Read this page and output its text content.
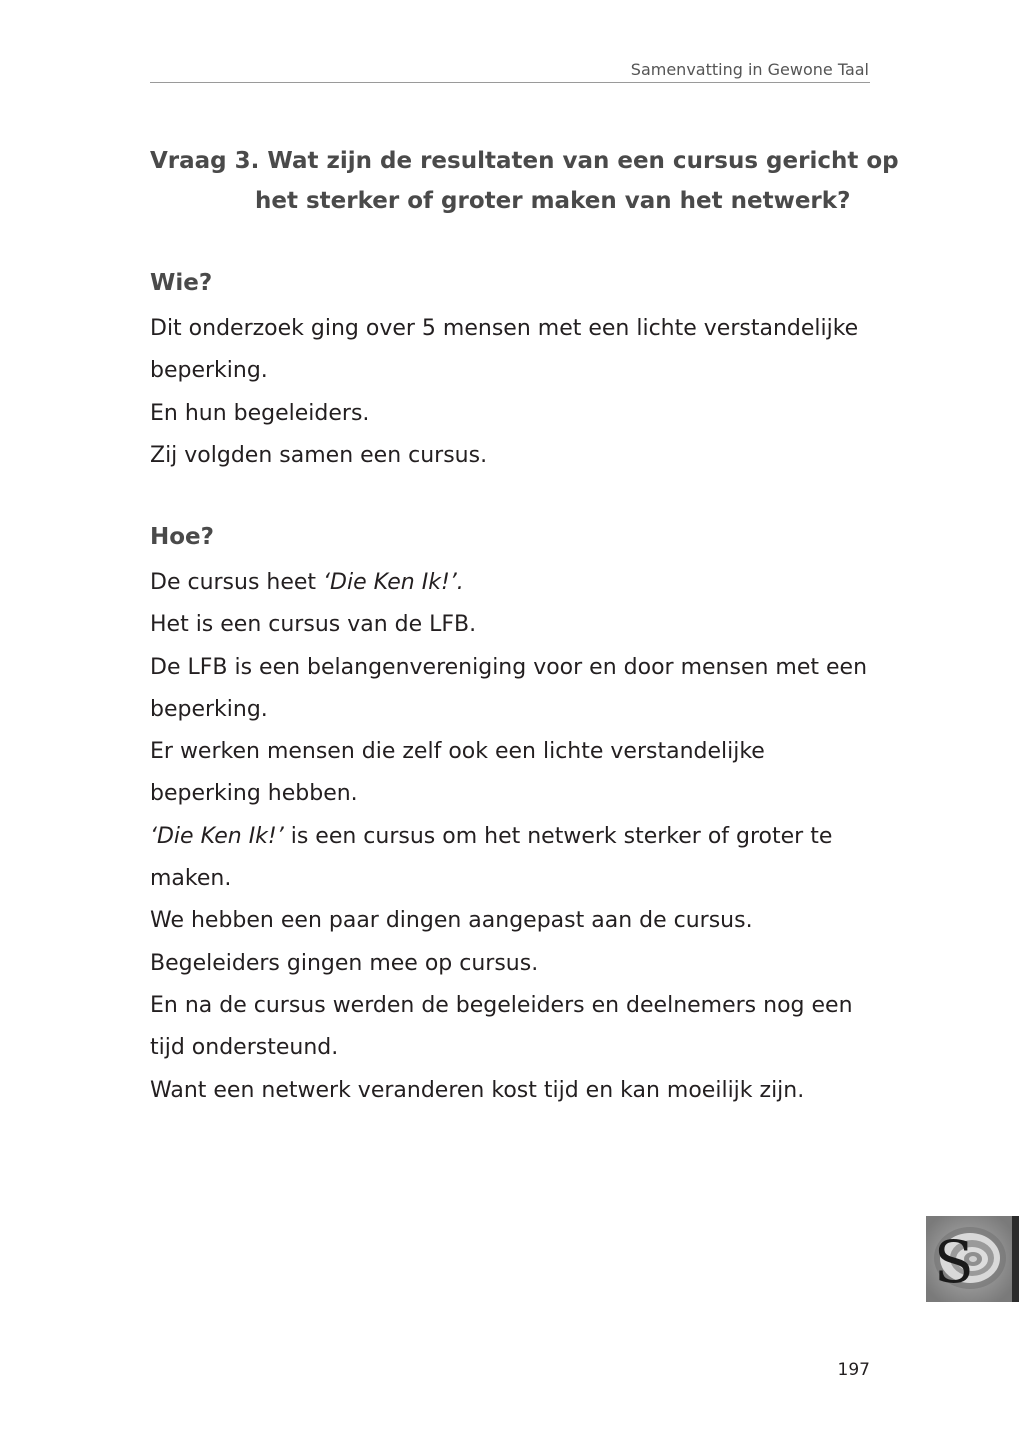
Samenvatting in Gewone Taal
Vraag 3. Wat zijn de resultaten van een cursus gericht op
het sterker of groter maken van het netwerk?
Wie?

Dit onderzoek ging over 5 mensen met een lichte verstandelijke

beperking.

En hun begeleiders.

Zij volgden samen een cursus.

Hoe?

De cursus heet ‘Die Ken Ik!’.

Het is een cursus van de LFB.

De LFB is een belangenvereniging voor en door mensen met een

beperking.

Er werken mensen die zelf ook een lichte verstandelijke

beperking hebben.

‘Die Ken Ik!’ is een cursus om het netwerk sterker of groter te

maken.

We hebben een paar dingen aangepast aan de cursus.

Begeleiders gingen mee op cursus.

En na de cursus werden de begeleiders en deelnemers nog een

tijd ondersteund.

Want een netwerk veranderen kost tijd en kan moeilijk zijn.

S
197
